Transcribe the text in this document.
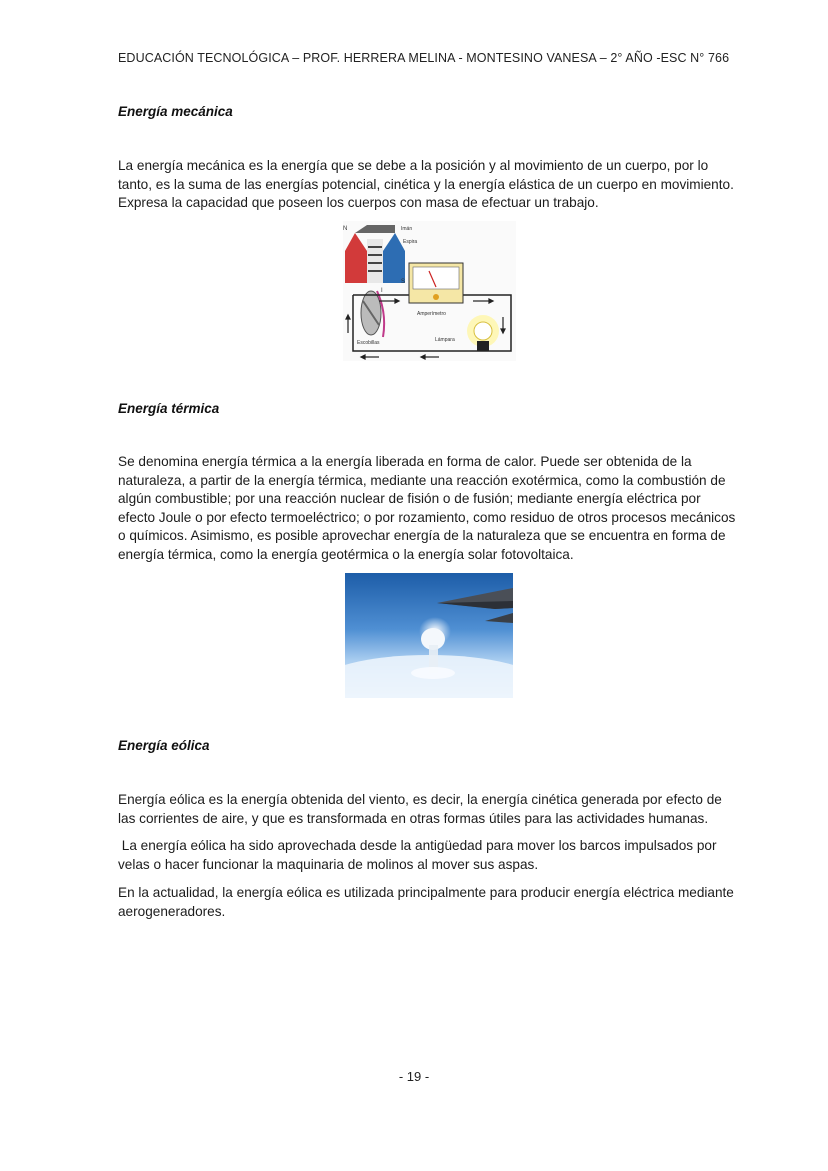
EDUCACIÓN TECNOLÓGICA – PROF. HERRERA MELINA - MONTESINO VANESA – 2° AÑO -ESC N° 766
Energía mecánica

La energía mecánica es la energía que se debe a la posición y al movimiento de un cuerpo, por lo tanto, es la suma de las energías potencial, cinética y la energía elástica de un cuerpo en movimiento. Expresa la capacidad que poseen los cuerpos con masa de efectuar un trabajo.

N	Imán
Espira
S
I
Amperímetro
Lámpara
Escobillas
Energía térmica

Se denomina energía térmica a la energía liberada en forma de calor. Puede ser obtenida de la naturaleza, a partir de la energía térmica, mediante una reacción exotérmica, como la combustión de algún combustible; por una reacción nuclear de fisión o de fusión; mediante energía eléctrica por efecto Joule o por efecto termoeléctrico; o por rozamiento, como residuo de otros procesos mecánicos o químicos. Asimismo, es posible aprovechar energía de la naturaleza que se encuentra en forma de energía térmica, como la energía geotérmica o la energía solar fotovoltaica.

Energía eólica

Energía eólica es la energía obtenida del viento, es decir, la energía cinética generada por efecto de las corrientes de aire, y que es transformada en otras formas útiles para las actividades humanas.

La energía eólica ha sido aprovechada desde la antigüedad para mover los barcos impulsados por velas o hacer funcionar la maquinaria de molinos al mover sus aspas.

En la actualidad, la energía eólica es utilizada principalmente para producir energía eléctrica mediante aerogeneradores.

- 19 -
